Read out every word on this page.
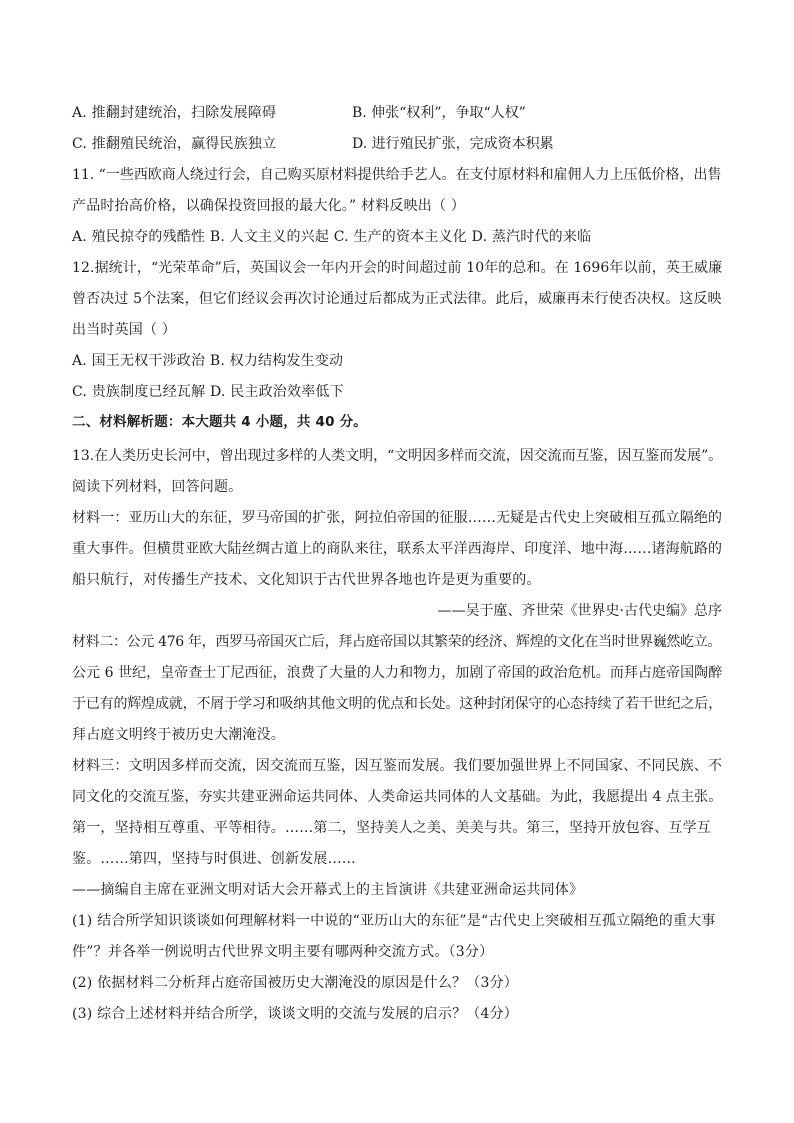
A. 推翻封建统治，扫除发展障碍	B. 伸张“权利”，争取“人权”
C. 推翻殖民统治，赢得民族独立	D. 进行殖民扩张，完成资本积累
11. “一些西欧商人绕过行会，自己购买原材料提供给手艺人。在支付原材料和雇佣人力上压低价格，出售
产品时抬高价格，以确保投资回报的最大化。” 材料反映出（ ）
A. 殖民掠夺的残酷性 B. 人文主义的兴起 C. 生产的资本主义化 D. 蒸汽时代的来临
12.据统计，“光荣革命”后，英国议会一年内开会的时间超过前 10年的总和。在 1696年以前，英王威廉
曾否决过 5个法案，但它们经议会再次讨论通过后都成为正式法律。此后，威廉再未行使否决权。这反映
出当时英国（ ）
A. 国王无权干涉政治 B. 权力结构发生变动
C. 贵族制度已经瓦解 D. 民主政治效率低下
二、材料解析题：本大题共 4 小题，共 40 分。
13.在人类历史长河中，曾出现过多样的人类文明，“文明因多样而交流，因交流而互鉴，因互鉴而发展”。
阅读下列材料，回答问题。
材料一：亚历山大的东征，罗马帝国的扩张，阿拉伯帝国的征服……无疑是古代史上突破相互孤立隔绝的
重大事件。但横贯亚欧大陆丝绸古道上的商队来往，联系太平洋西海岸、印度洋、地中海……诸海航路的
船只航行，对传播生产技术、文化知识于古代世界各地也许是更为重要的。
——吴于廑、齐世荣《世界史·古代史编》总序
材料二：公元 476 年，西罗马帝国灭亡后，拜占庭帝国以其繁荣的经济、辉煌的文化在当时世界巍然屹立。
公元 6 世纪，皇帝查士丁尼西征，浪费了大量的人力和物力，加剧了帝国的政治危机。而拜占庭帝国陶醉
于已有的辉煌成就，不屑于学习和吸纳其他文明的优点和长处。这种封闭保守的心态持续了若干世纪之后，
拜占庭文明终于被历史大潮淹没。
材料三：文明因多样而交流，因交流而互鉴，因互鉴而发展。我们要加强世界上不同国家、不同民族、不
同文化的交流互鉴，夯实共建亚洲命运共同体、人类命运共同体的人文基础。为此，我愿提出 4 点主张。
第一，坚持相互尊重、平等相待。……第二，坚持美人之美、美美与共。第三，坚持开放包容、互学互
鉴。……第四，坚持与时俱进、创新发展……
——摘编自主席在亚洲文明对话大会开幕式上的主旨演讲《共建亚洲命运共同体》
(1) 结合所学知识谈谈如何理解材料一中说的“亚历山大的东征”是“古代史上突破相互孤立隔绝的重大事
件”？并各举一例说明古代世界文明主要有哪两种交流方式。（3分）
(2) 依据材料二分析拜占庭帝国被历史大潮淹没的原因是什么？（3分）
(3) 综合上述材料并结合所学，谈谈文明的交流与发展的启示？（4分）
